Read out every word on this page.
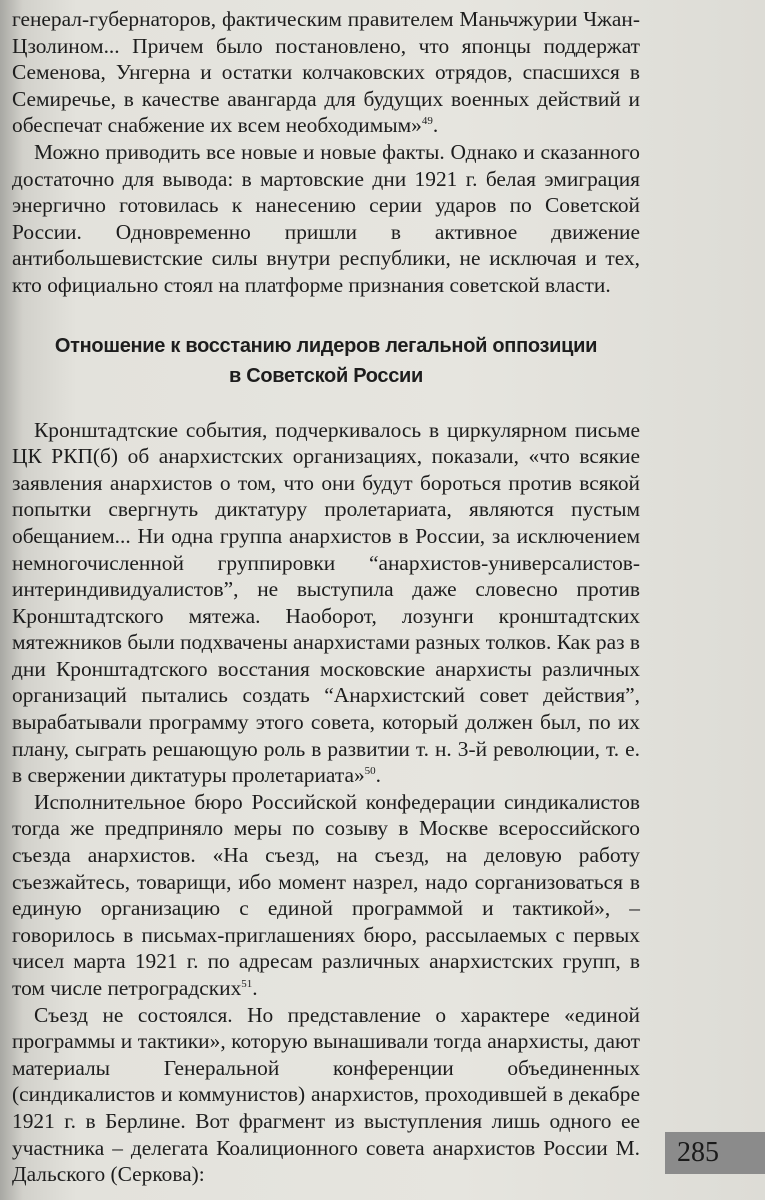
генерал-губернаторов, фактическим правителем Маньчжурии Чжан-Цзолином... Причем было постановлено, что японцы поддержат Семенова, Унгерна и остатки колчаковских отрядов, спасшихся в Семиречье, в качестве авангарда для будущих военных действий и обеспечат снабжение их всем необходимым»$^{49}$.

Можно приводить все новые и новые факты. Однако и сказанного достаточно для вывода: в мартовские дни 1921 г. белая эмиграция энергично готовилась к нанесению серии ударов по Советской России. Одновременно пришли в активное движение антибольшевистские силы внутри республики, не исключая и тех, кто официально стоял на платформе признания советской власти.

Отношение к восстанию лидеров легальной оппозиции
в Советской России

Кронштадтские события, подчеркивалось в циркулярном письме ЦК РКП(б) об анархистских организациях, показали, «что всякие заявления анархистов о том, что они будут бороться против всякой попытки свергнуть диктатуру пролетариата, являются пустым обещанием... Ни одна группа анархистов в России, за исключением немногочисленной группировки “анархистов-универсалистов-интериндивидуалистов”, не выступила даже словесно против Кронштадтского мятежа. Наоборот, лозунги кронштадтских мятежников были подхвачены анархистами разных толков. Как раз в дни Кронштадтского восстания московские анархисты различных организаций пытались создать “Анархистский совет действия”, вырабатывали программу этого совета, который должен был, по их плану, сыграть решающую роль в развитии т. н. 3-й революции, т. е. в свержении диктатуры пролетариата»$^{50}$.

Исполнительное бюро Российской конфедерации синдикалистов тогда же предприняло меры по созыву в Москве всероссийского съезда анархистов. «На съезд, на съезд, на деловую работу съезжайтесь, товарищи, ибо момент назрел, надо сорганизоваться в единую организацию с единой программой и тактикой», – говорилось в письмах-приглашениях бюро, рассылаемых с первых чисел марта 1921 г. по адресам различных анархистских групп, в том числе петроградских$^{51}$.

Съезд не состоялся. Но представление о характере «единой программы и тактики», которую вынашивали тогда анархисты, дают материалы Генеральной конференции объединенных (синдикалистов и коммунистов) анархистов, проходившей в декабре 1921 г. в Берлине. Вот фрагмент из выступления лишь одного ее участника – делегата Коалиционного совета анархистов России М. Дальского (Серкова):

285
